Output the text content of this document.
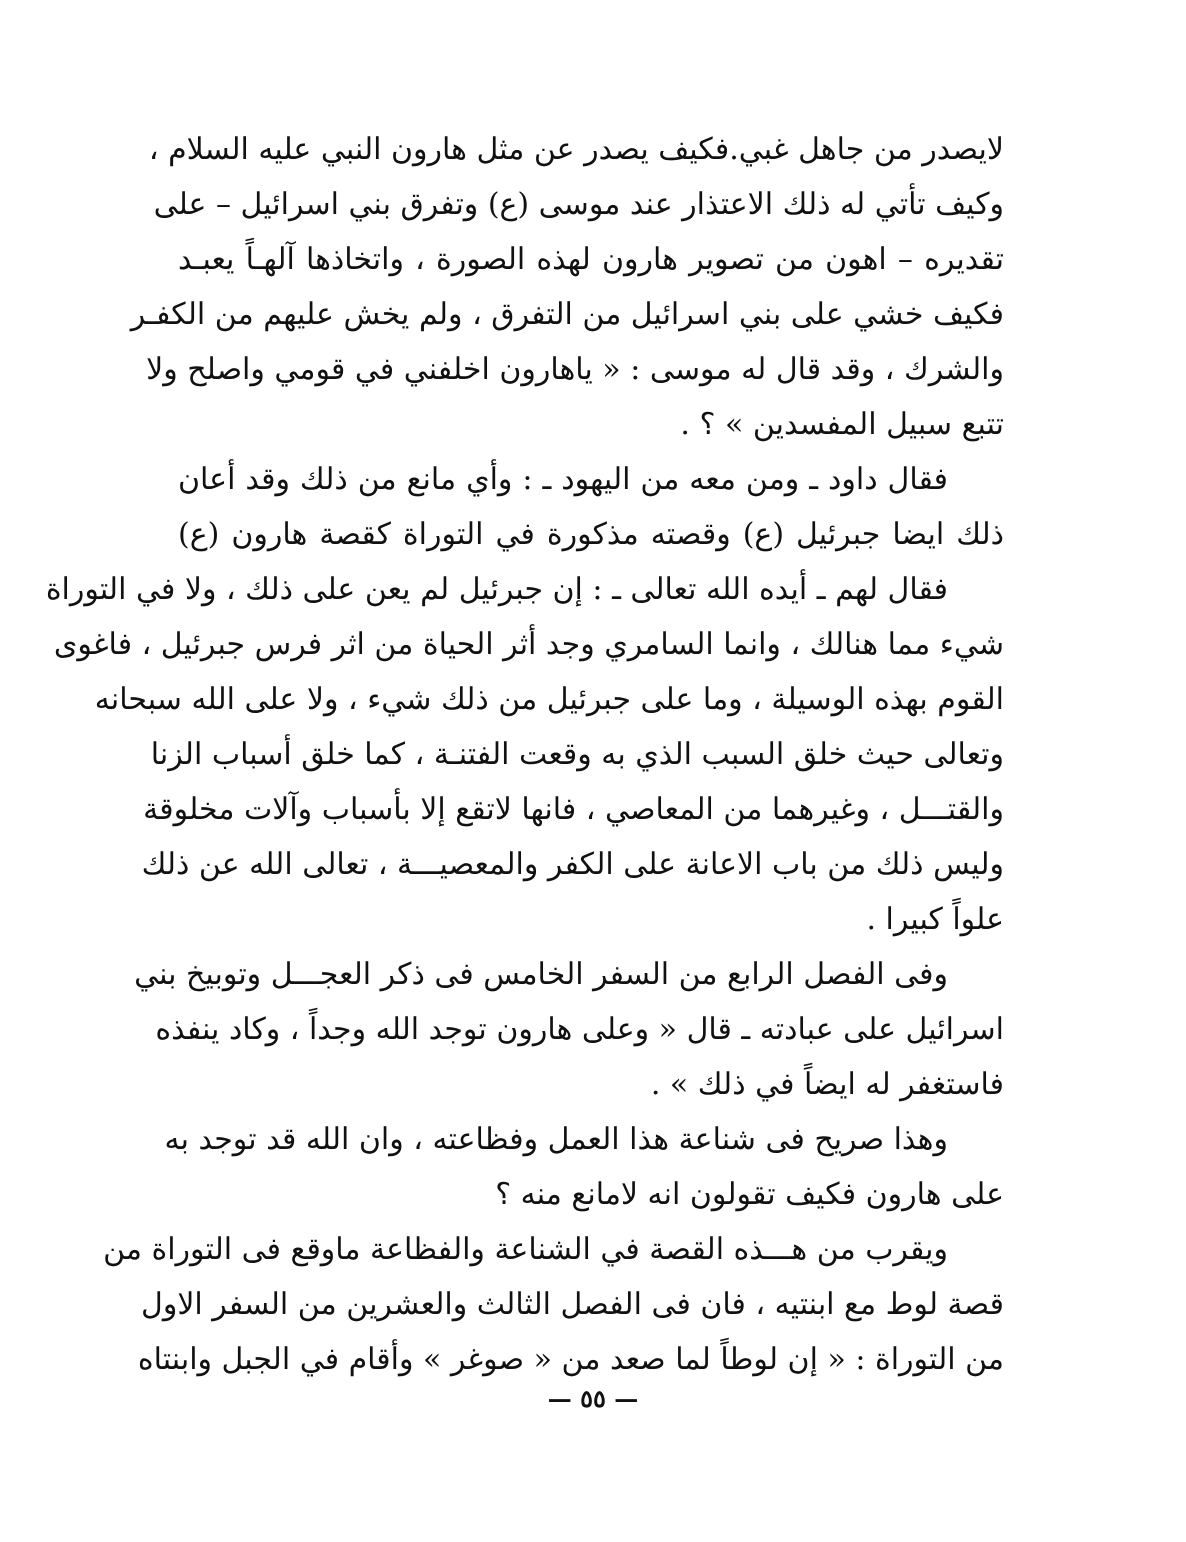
لايصدر من جاهل غبي.فكيف يصدر عن مثل هارون النبي عليه السلام ،
وكيف تأتي له ذلك الاعتذار عند موسى (ع) وتفرق بني اسرائيل – على
تقديره – اهون من تصوير هارون لهذه الصورة ، واتخاذها آلهـاً يعبـد
فكيف خشي على بني اسرائيل من التفرق ، ولم يخش عليهم من الكفـر
والشرك ، وقد قال له موسى : « ياهارون اخلفني في قومي واصلح ولا
تتبع سبيل المفسدين » ؟ .
فقال داود ـ ومن معه من اليهود ـ : وأي مانع من ذلك وقد أعان
ذلك ايضا جبرئيل (ع) وقصته مذكورة في التوراة كقصة هارون (ع)
فقال لهم ـ أيده الله تعالى ـ : إن جبرئيل لم يعن على ذلك ، ولا في التوراة
شيء مما هنالك ، وانما السامري وجد أثر الحياة من اثر فرس جبرئيل ، فاغوى
القوم بهذه الوسيلة ، وما على جبرئيل من ذلك شيء ، ولا على الله سبحانه
وتعالى حيث خلق السبب الذي به وقعت الفتنـة ، كما خلق أسباب الزنا
والقتـــل ، وغيرهما من المعاصي ، فانها لاتقع إلا بأسباب وآلات مخلوقة
وليس ذلك من باب الاعانة على الكفر والمعصيـــة ، تعالى الله عن ذلك
علواً كبيرا .
وفى الفصل الرابع من السفر الخامس فى ذكر العجـــل وتوبيخ بني
اسرائيل على عبادته ـ قال « وعلى هارون توجد الله وجداً ، وكاد ينفذه
فاستغفر له ايضاً في ذلك » .
وهذا صريح فى شناعة هذا العمل وفظاعته ، وان الله قد توجد به
على هارون فكيف تقولون انه لامانع منه ؟
ويقرب من هـــذه القصة في الشناعة والفظاعة ماوقع فى التوراة من
قصة لوط مع ابنتيه ، فان فى الفصل الثالث والعشرين من السفر الاول
من التوراة : « إن لوطاً لما صعد من « صوغر » وأقام في الجبل وابنتاه
— ٥٥ —
